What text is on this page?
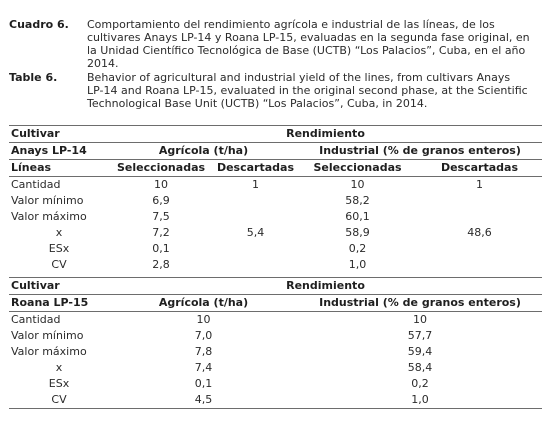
Cuadro 6. Comportamiento del rendimiento agrícola e industrial de las líneas, de los
cultivares Anays LP-14 y Roana LP-15, evaluadas en la segunda fase original, en
la Unidad Científico Tecnológica de Base (UCTB) “Los Palacios”, Cuba, en el año
2014.
Table 6.	Behavior of agricultural and industrial yield of the lines, from cultivars Anays
LP-14 and Roana LP-15, evaluated in the original second phase, at the Scientific
Technological Base Unit (UCTB) “Los Palacios”, Cuba, in 2014.
Cultivar	Rendimiento			
Anays LP-14	Agrícola (t/ha)		Industrial (% de granos enteros)	
Líneas	Seleccionadas	Descartadas	Seleccionadas	Descartadas
Cantidad	10	1	10	1
Valor mínimo	6,9		58,2	
Valor máximo	7,5		60,1	
x	7,2	5,4	58,9	48,6
ESx	0,1		0,2	
CV	2,8		1,0	
Cultivar	Rendimiento	
Roana LP-15	Agrícola (t/ha)	Industrial (% de granos enteros)
Cantidad	10	10
Valor mínimo	7,0	57,7
Valor máximo	7,8	59,4
x	7,4	58,4
ESx	0,1	0,2
CV	4,5	1,0
